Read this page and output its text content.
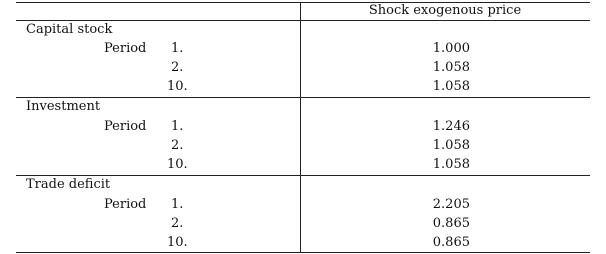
Shock exogenous price
Capital stock
Period 1.
2.
10.
1.000
1.058
1.058
Investment
Period 1.
2.
10.
1.246
1.058
1.058
Trade deficit
Period 1.
2.
10.
2.205
0.865
0.865
